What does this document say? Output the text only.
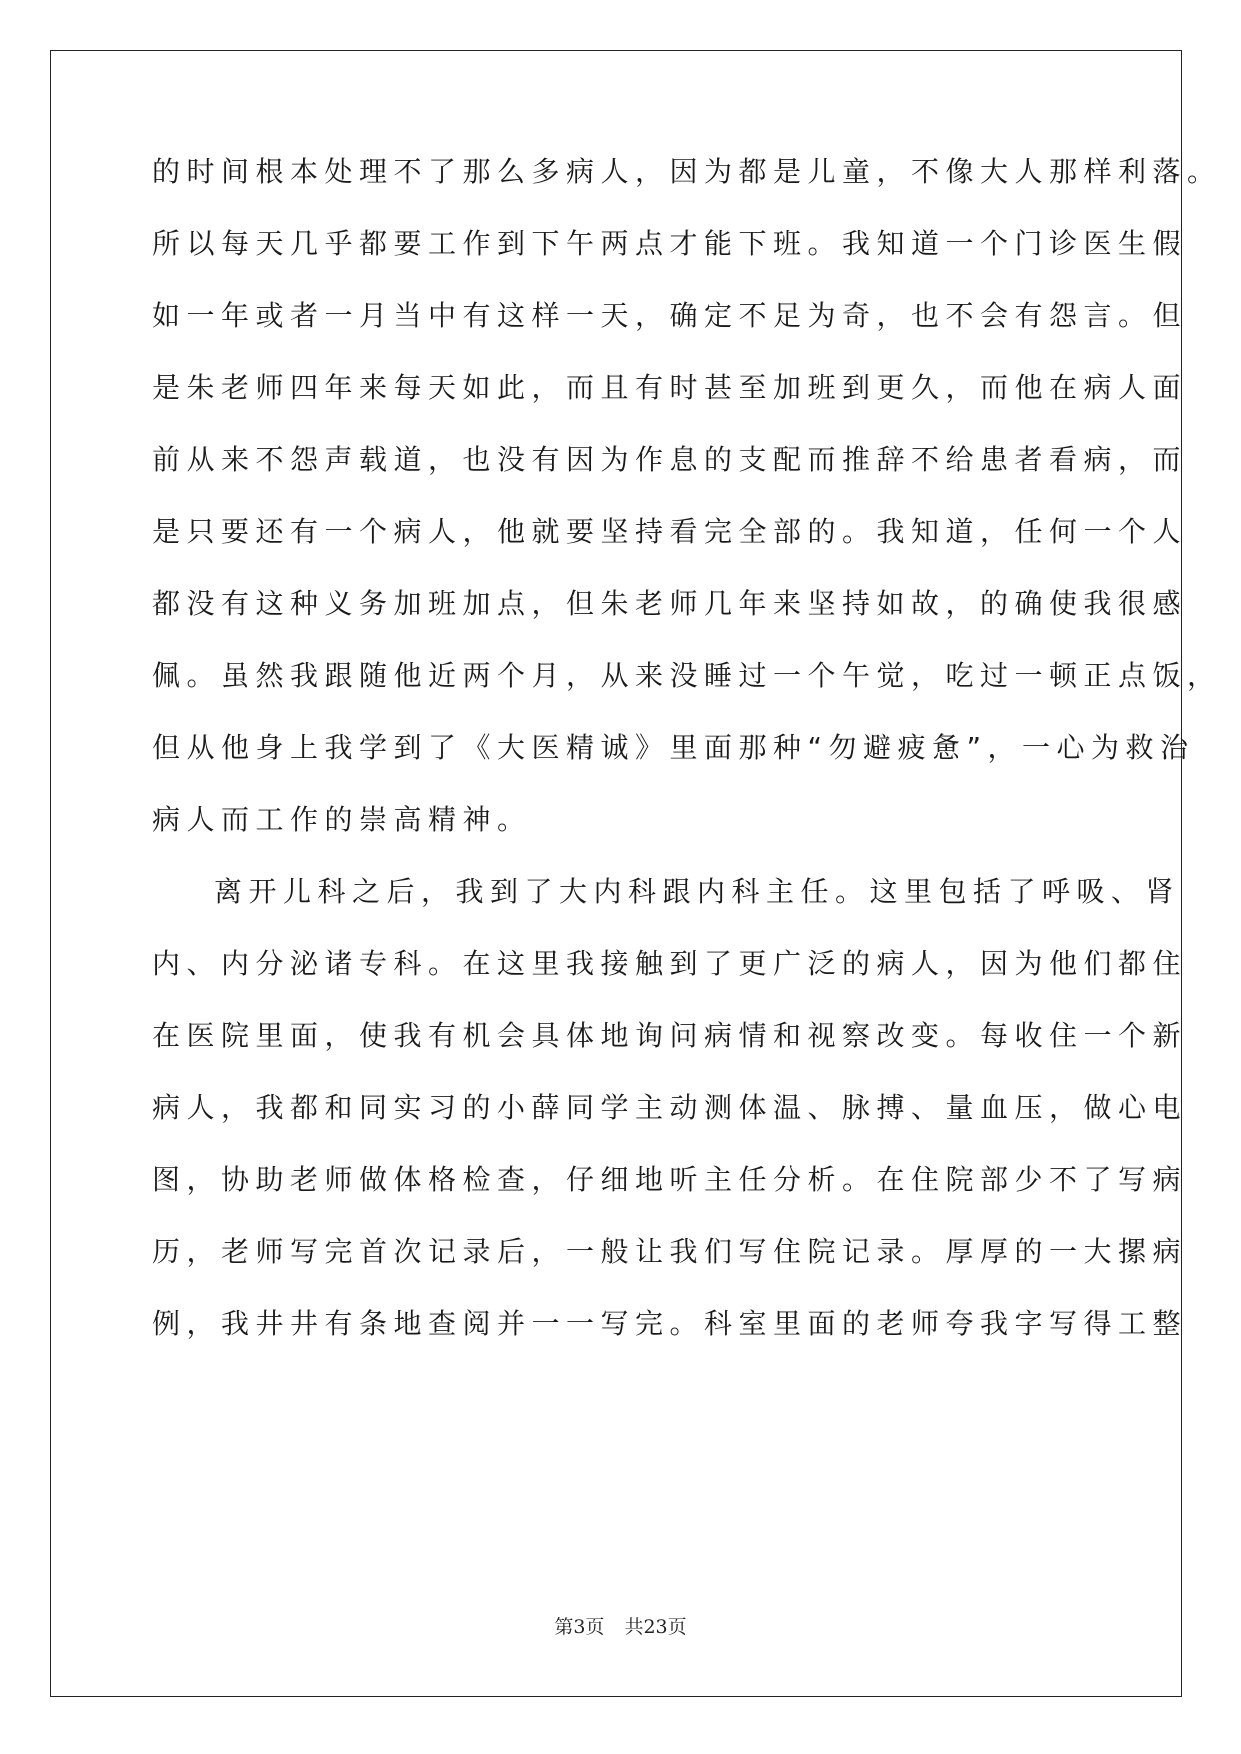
的时间根本处理不了那么多病人，因为都是儿童，不像大人那样利落。
所以每天几乎都要工作到下午两点才能下班。我知道一个门诊医生假
如一年或者一月当中有这样一天，确定不足为奇，也不会有怨言。但
是朱老师四年来每天如此，而且有时甚至加班到更久，而他在病人面
前从来不怨声载道，也没有因为作息的支配而推辞不给患者看病，而
是只要还有一个病人，他就要坚持看完全部的。我知道，任何一个人
都没有这种义务加班加点，但朱老师几年来坚持如故，的确使我很感
佩。虽然我跟随他近两个月，从来没睡过一个午觉，吃过一顿正点饭，
但从他身上我学到了《大医精诚》里面那种“勿避疲惫”，一心为救治
病人而工作的崇高精神。
离开儿科之后，我到了大内科跟内科主任。这里包括了呼吸、肾
内、内分泌诸专科。在这里我接触到了更广泛的病人，因为他们都住
在医院里面，使我有机会具体地询问病情和视察改变。每收住一个新
病人，我都和同实习的小薛同学主动测体温、脉搏、量血压，做心电
图，协助老师做体格检查，仔细地听主任分析。在住院部少不了写病
历，老师写完首次记录后，一般让我们写住院记录。厚厚的一大摞病
例，我井井有条地查阅并一一写完。科室里面的老师夸我字写得工整
第3页 共23页
